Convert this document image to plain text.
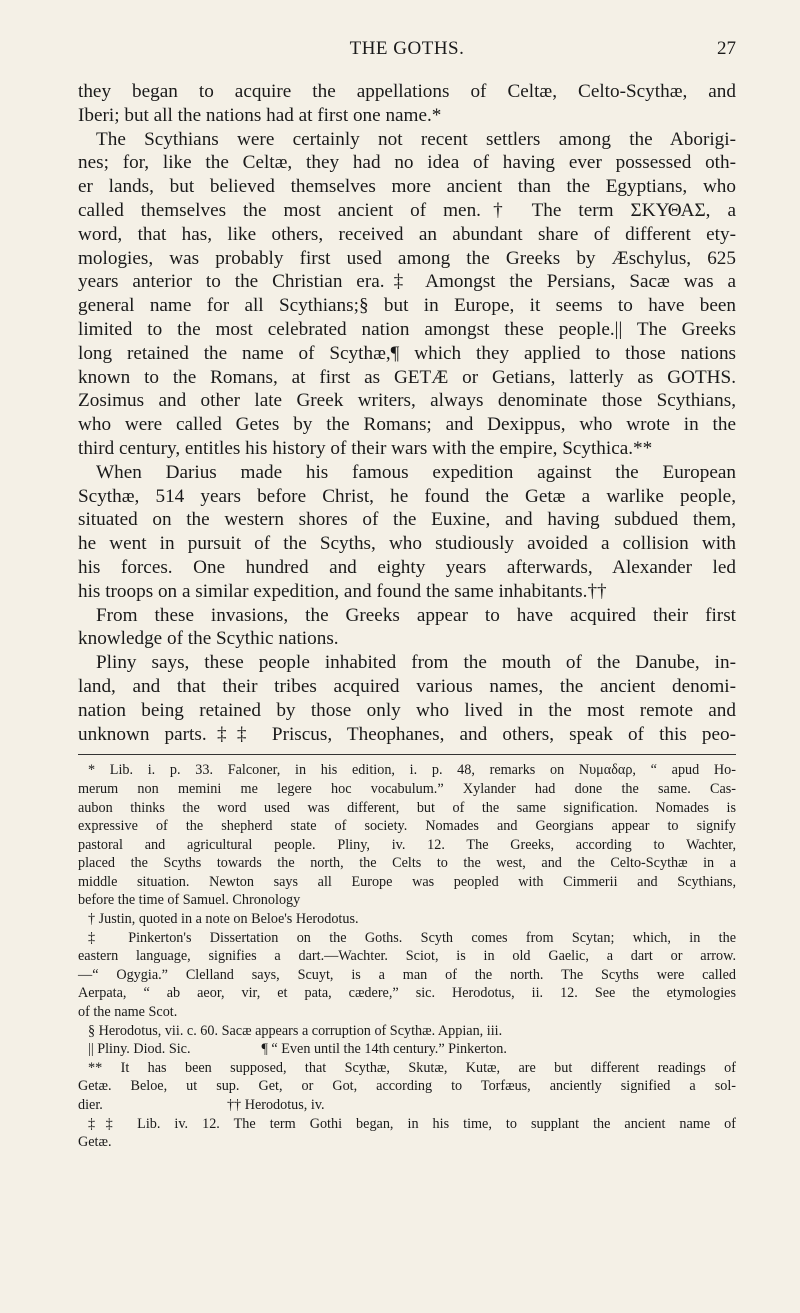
THE GOTHS.	27
they began to acquire the appellations of Celtæ, Celto-Scythæ, and
Iberi; but all the nations had at first one name.*
The Scythians were certainly not recent settlers among the Aborigi-
nes; for, like the Celtæ, they had no idea of having ever possessed oth-
er lands, but believed themselves more ancient than the Egyptians, who
called themselves the most ancient of men.† The term ΣΚΥΘΑΣ, a
word, that has, like others, received an abundant share of different ety-
mologies, was probably first used among the Greeks by Æschylus, 625
years anterior to the Christian era.‡ Amongst the Persians, Sacæ was a
general name for all Scythians;§ but in Europe, it seems to have been
limited to the most celebrated nation amongst these people.|| The Greeks
long retained the name of Scythæ,¶ which they applied to those nations
known to the Romans, at first as GETÆ or Getians, latterly as GOTHS.
Zosimus and other late Greek writers, always denominate those Scythians,
who were called Getes by the Romans; and Dexippus, who wrote in the
third century, entitles his history of their wars with the empire, Scythica.**
When Darius made his famous expedition against the European
Scythæ, 514 years before Christ, he found the Getæ a warlike people,
situated on the western shores of the Euxine, and having subdued them,
he went in pursuit of the Scyths, who studiously avoided a collision with
his forces. One hundred and eighty years afterwards, Alexander led
his troops on a similar expedition, and found the same inhabitants.††
From these invasions, the Greeks appear to have acquired their first
knowledge of the Scythic nations.
Pliny says, these people inhabited from the mouth of the Danube, in-
land, and that their tribes acquired various names, the ancient denomi-
nation being retained by those only who lived in the most remote and
unknown parts.‡‡ Priscus, Theophanes, and others, speak of this peo-
* Lib. i. p. 33. Falconer, in his edition, i. p. 48, remarks on Νυμαδαρ, “ apud Ho-
merum non memini me legere hoc vocabulum.” Xylander had done the same. Cas-
aubon thinks the word used was different, but of the same signification. Nomades is
expressive of the shepherd state of society. Nomades and Georgians appear to signify
pastoral and agricultural people. Pliny, iv. 12. The Greeks, according to Wachter,
placed the Scyths towards the north, the Celts to the west, and the Celto-Scythæ in a
middle situation. Newton says all Europe was peopled with Cimmerii and Scythians,
before the time of Samuel. Chronology
† Justin, quoted in a note on Beloe's Herodotus.
‡ Pinkerton's Dissertation on the Goths. Scyth comes from Scytan; which, in the
eastern language, signifies a dart.—Wachter. Sciot, is in old Gaelic, a dart or arrow.
—“ Ogygia.” Clelland says, Scuyt, is a man of the north. The Scyths were called
Aerpata, “ ab aeor, vir, et pata, cædere,” sic. Herodotus, ii. 12. See the etymologies
of the name Scot.
§ Herodotus, vii. c. 60. Sacæ appears a corruption of Scythæ. Appian, iii.
|| Pliny. Diod. Sic.                    ¶ “ Even until the 14th century.” Pinkerton.
** It has been supposed, that Scythæ, Skutæ, Kutæ, are but different readings of
Getæ. Beloe, ut sup. Get, or Got, according to Torfæus, anciently signified a sol-
dier.                                   †† Herodotus, iv.
‡‡ Lib. iv. 12. The term Gothi began, in his time, to supplant the ancient name of
Getæ.
